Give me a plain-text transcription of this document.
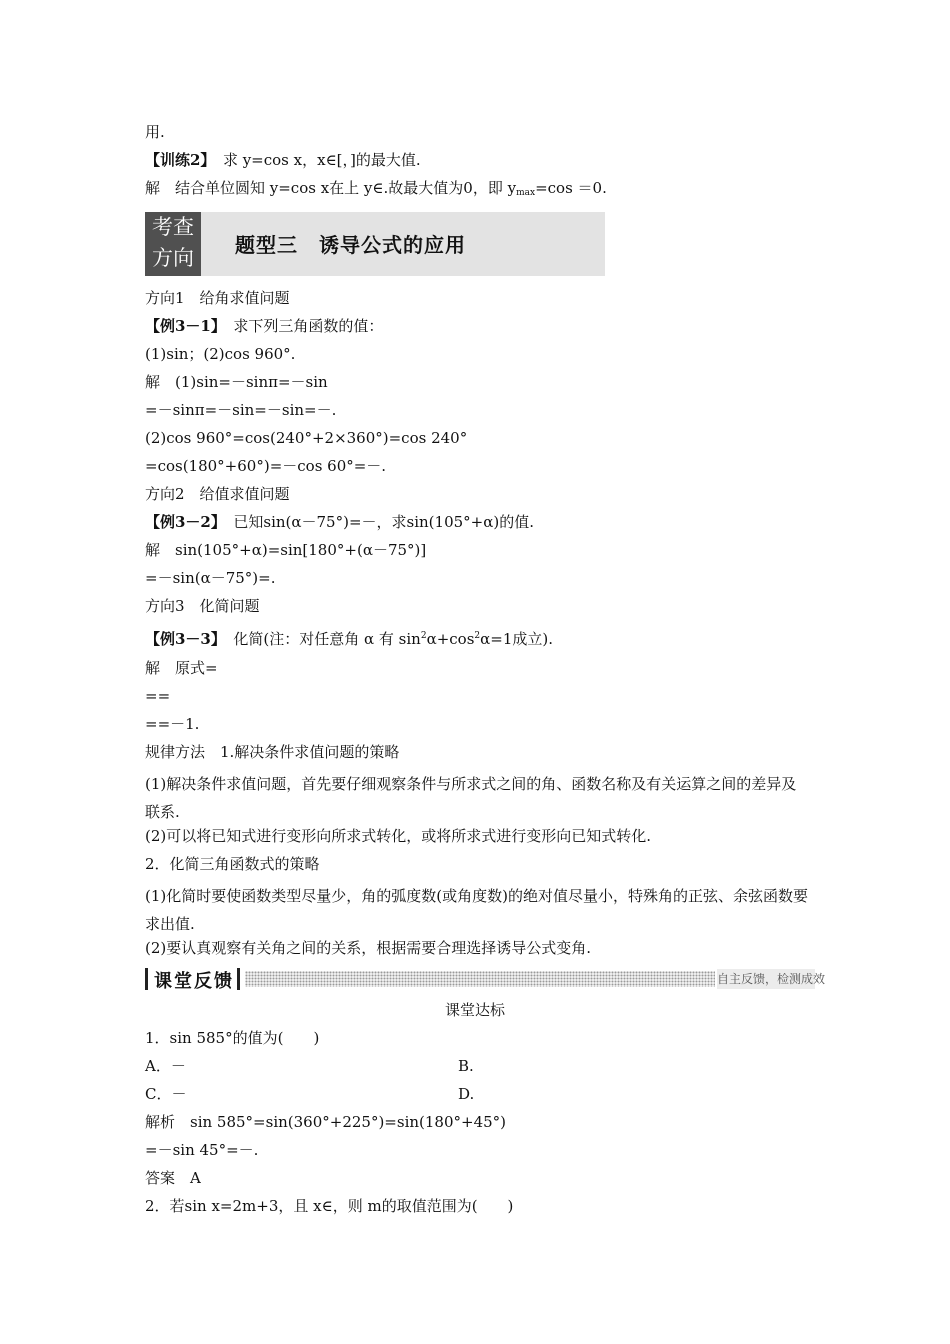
用.
【训练2】　求 y=cos x，x∈[，]的最大值.
解　结合单位圆知 y=cos x在上 y∈.故最大值为0，即 $y_{max}=\cos =0$.
考查
方向
题型三　诱导公式的应用
方向1　给角求值问题
【例3－1】　求下列三角函数的值：
(1)sin；(2)cos 960°.
解　(1)sin=－sinπ=－sin
=－sinπ=－sin=－sin=－.
(2)cos 960°=cos(240°+2×360°)=cos 240°
=cos(180°+60°)=－cos 60°=－.
方向2　给值求值问题
【例3－2】　已知sin(α－75°)=－，求sin(105°+α)的值.
解　sin(105°+α)=sin[180°+(α－75°)]
=－sin(α－75°)=.
方向3　化简问题
【例3－3】　化简(注：对任意角 α 有 $\sin^2\alpha+\cos^2\alpha=1$成立).
解　原式=
==
==－1.
规律方法　1.解决条件求值问题的策略
(1)解决条件求值问题，首先要仔细观察条件与所求式之间的角、函数名称及有关运算之间的差异及联系.
(2)可以将已知式进行变形向所求式转化，或将所求式进行变形向已知式转化.
2．化简三角函数式的策略
(1)化简时要使函数类型尽量少，角的弧度数(或角度数)的绝对值尽量小，特殊角的正弦、余弦函数要求出值.
(2)要认真观察有关角之间的关系，根据需要合理选择诱导公式变角.
课堂反馈	自主反馈，检测成效
课堂达标
1．sin 585°的值为(　　)
A．－	B.
C．－	D.
解析　sin 585°=sin(360°+225°)=sin(180°+45°)
=－sin 45°=－.
答案　A
2．若sin x=2m+3，且 x∈，则 m的取值范围为(　　)
